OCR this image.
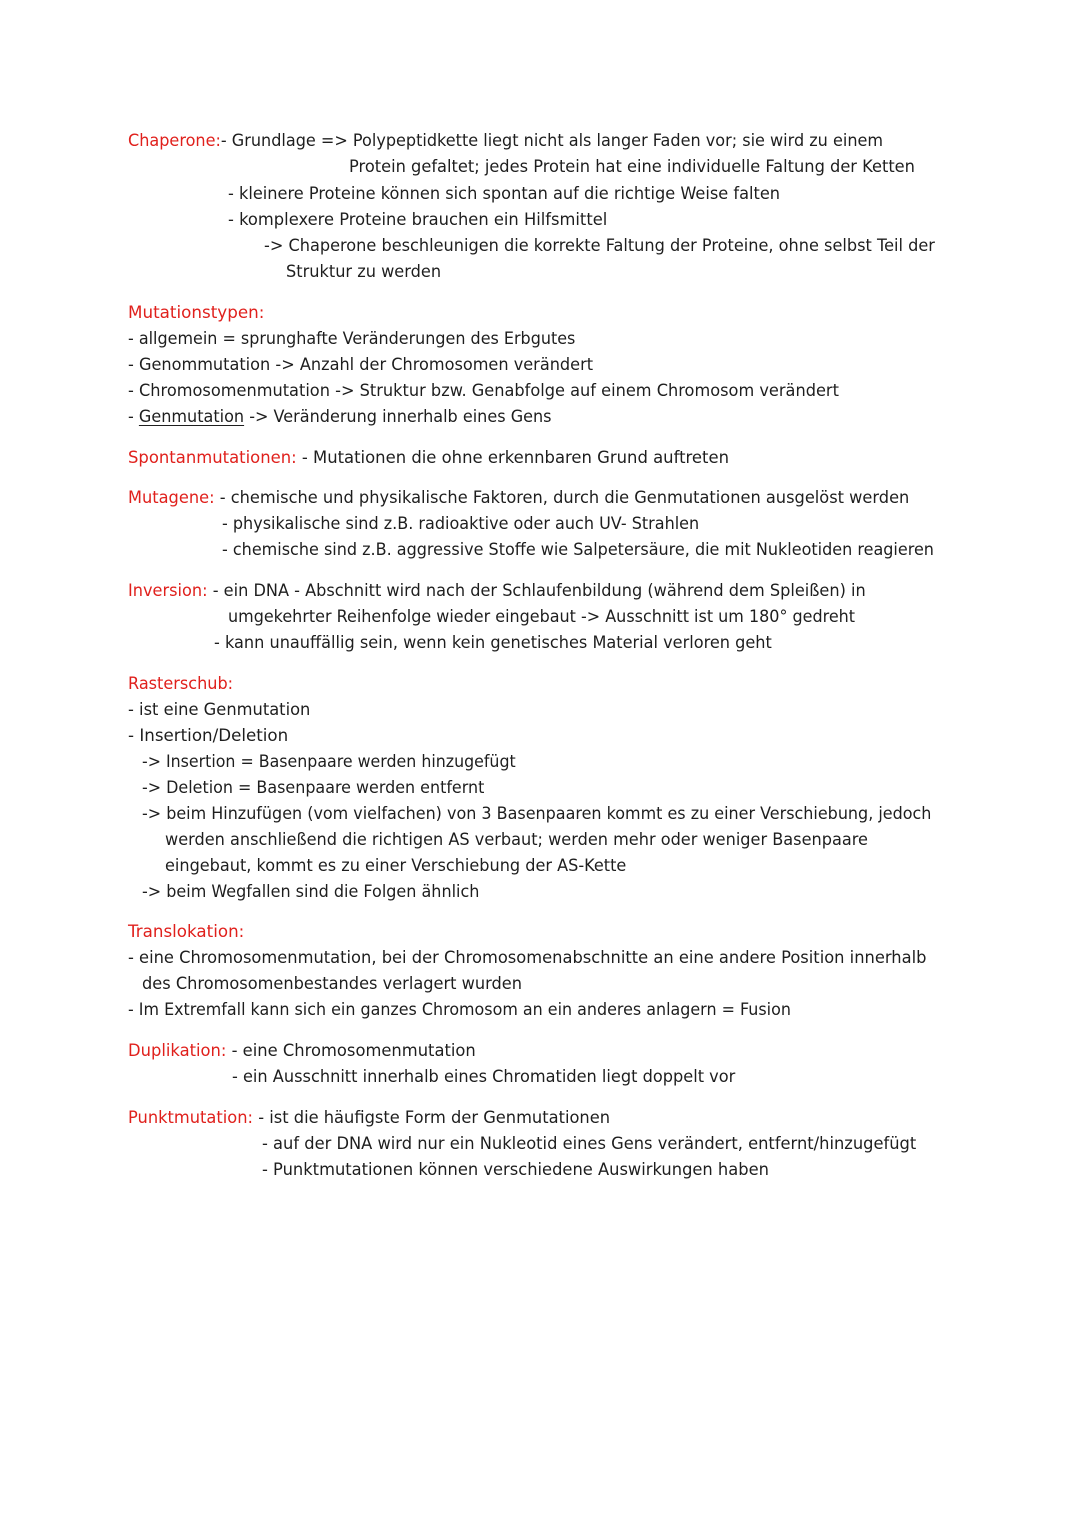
Chaperone:- Grundlage => Polypeptidkette liegt nicht als langer Faden vor; sie wird zu einem
Protein gefaltet; jedes Protein hat eine individuelle Faltung der Ketten
- kleinere Proteine können sich spontan auf die richtige Weise falten
- komplexere Proteine brauchen ein Hilfsmittel
-> Chaperone beschleunigen die korrekte Faltung der Proteine, ohne selbst Teil der
Struktur zu werden
Mutationstypen:
- allgemein = sprunghafte Veränderungen des Erbgutes
- Genommutation -> Anzahl der Chromosomen verändert
- Chromosomenmutation -> Struktur bzw. Genabfolge auf einem Chromosom verändert
- Genmutation -> Veränderung innerhalb eines Gens
Spontanmutationen: - Mutationen die ohne erkennbaren Grund auftreten
Mutagene: - chemische und physikalische Faktoren, durch die Genmutationen ausgelöst werden
- physikalische sind z.B. radioaktive oder auch UV- Strahlen
- chemische sind z.B. aggressive Stoffe wie Salpetersäure, die mit Nukleotiden reagieren
Inversion: - ein DNA - Abschnitt wird nach der Schlaufenbildung (während dem Spleißen) in
umgekehrter Reihenfolge wieder eingebaut -> Ausschnitt ist um 180° gedreht
- kann unauffällig sein, wenn kein genetisches Material verloren geht
Rasterschub:
- ist eine Genmutation
- Insertion/Deletion
-> Insertion = Basenpaare werden hinzugefügt
-> Deletion = Basenpaare werden entfernt
-> beim Hinzufügen (vom vielfachen) von 3 Basenpaaren kommt es zu einer Verschiebung, jedoch
werden anschließend die richtigen AS verbaut; werden mehr oder weniger Basenpaare
eingebaut, kommt es zu einer Verschiebung der AS-Kette
-> beim Wegfallen sind die Folgen ähnlich
Translokation:
- eine Chromosomenmutation, bei der Chromosomenabschnitte an eine andere Position innerhalb
des Chromosomenbestandes verlagert wurden
- Im Extremfall kann sich ein ganzes Chromosom an ein anderes anlagern = Fusion
Duplikation: - eine Chromosomenmutation
- ein Ausschnitt innerhalb eines Chromatiden liegt doppelt vor
Punktmutation: - ist die häufigste Form der Genmutationen
- auf der DNA wird nur ein Nukleotid eines Gens verändert, entfernt/hinzugefügt
- Punktmutationen können verschiedene Auswirkungen haben
